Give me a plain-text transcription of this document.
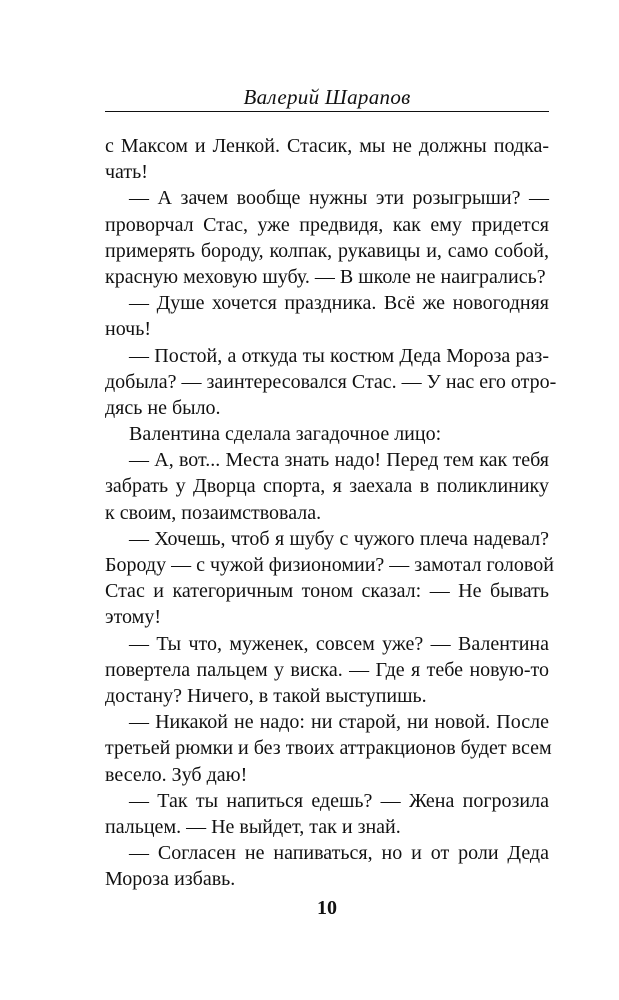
Валерий Шарапов
с Максом и Ленкой. Стасик, мы не должны подка-
чать!
— А зачем вообще нужны эти розыгрыши? —
проворчал Стас, уже предвидя, как ему придется
примерять бороду, колпак, рукавицы и, само собой,
красную меховую шубу. — В школе не наигрались?
— Душе хочется праздника. Всё же новогодняя
ночь!
— Постой, а откуда ты костюм Деда Мороза раз-
добыла? — заинтересовался Стас. — У нас его отро-
дясь не было.
Валентина сделала загадочное лицо:
— А, вот... Места знать надо! Перед тем как тебя
забрать у Дворца спорта, я заехала в поликлинику
к своим, позаимствовала.
— Хочешь, чтоб я шубу с чужого плеча надевал?
Бороду — с чужой физиономии? — замотал головой
Стас и категоричным тоном сказал: — Не бывать
этому!
— Ты что, муженек, совсем уже? — Валентина
повертела пальцем у виска. — Где я тебе новую-то
достану? Ничего, в такой выступишь.
— Никакой не надо: ни старой, ни новой. После
третьей рюмки и без твоих аттракционов будет всем
весело. Зуб даю!
— Так ты напиться едешь? — Жена погрозила
пальцем. — Не выйдет, так и знай.
— Согласен не напиваться, но и от роли Деда
Мороза избавь.
10
